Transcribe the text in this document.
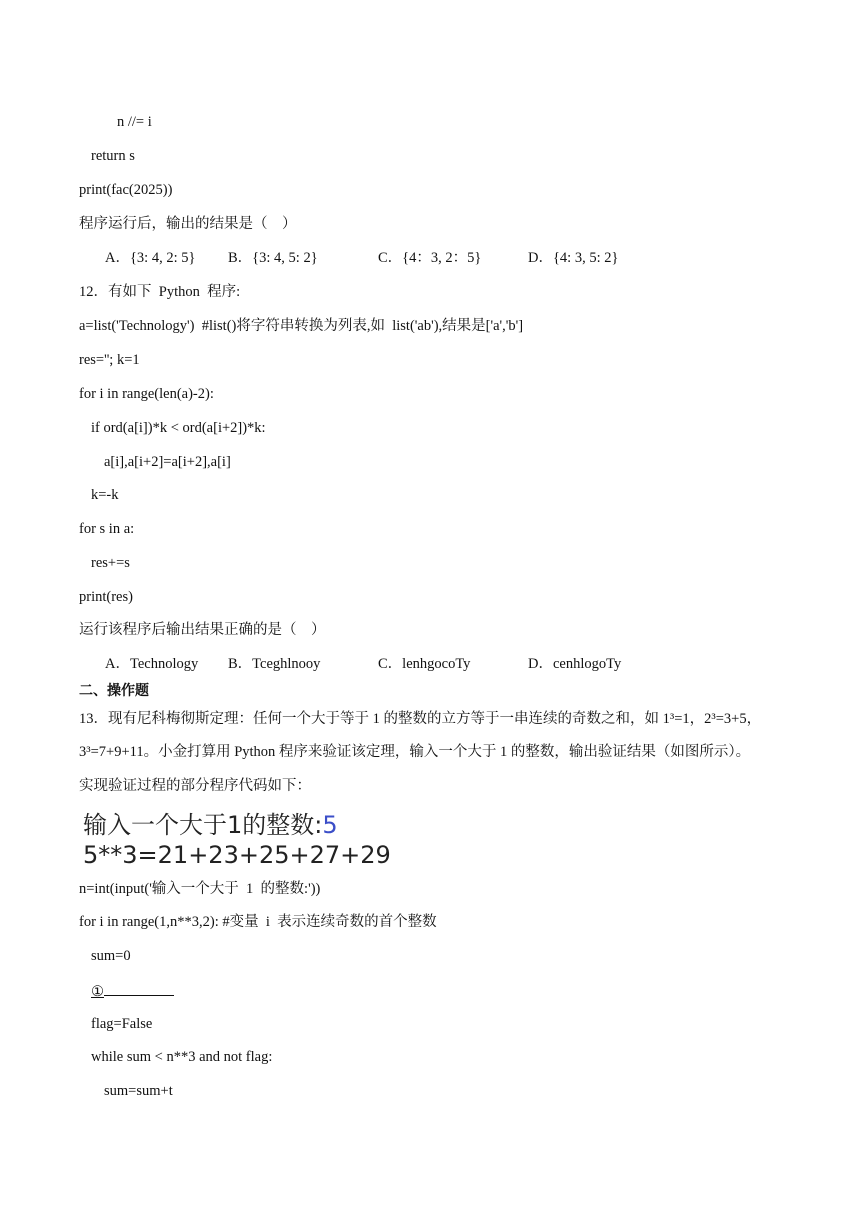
n //= i
return s
print(fac(2025))
程序运行后，输出的结果是（    ）

A．{3: 4, 2: 5}

B．{3: 4, 5: 2}

	C．{4：3, 2：5}

	D．{4: 3, 5: 2}

12．有如下  Python  程序:
a=list('Technology')  #list()将字符串转换为列表,如  list('ab'),结果是['a','b']
res=''; k=1
for i in range(len(a)-2):
if ord(a[i])*k < ord(a[i+2])*k:
a[i],a[i+2]=a[i+2],a[i]
k=-k
for s in a:
res+=s
print(res)
运行该程序后输出结果正确的是（    ）

A．Technology

B．Tceghlnooy

	C．lenhgocoTy

	D．cenhlogoTy

二、操作题
13．现有尼科梅彻斯定理：任何一个大于等于 1 的整数的立方等于一串连续的奇数之和，如 1³=1，2³=3+5，
3³=7+9+11。小金打算用 Python 程序来验证该定理，输入一个大于 1 的整数，输出验证结果（如图所示）。
实现验证过程的部分程序代码如下：
输入一个大于1的整数:5
5**3=21+23+25+27+29
n=int(input('输入一个大于  1  的整数:'))
for i in range(1,n**3,2): #变量  i  表示连续奇数的首个整数
sum=0
①
flag=False
while sum < n**3 and not flag:
sum=sum+t
